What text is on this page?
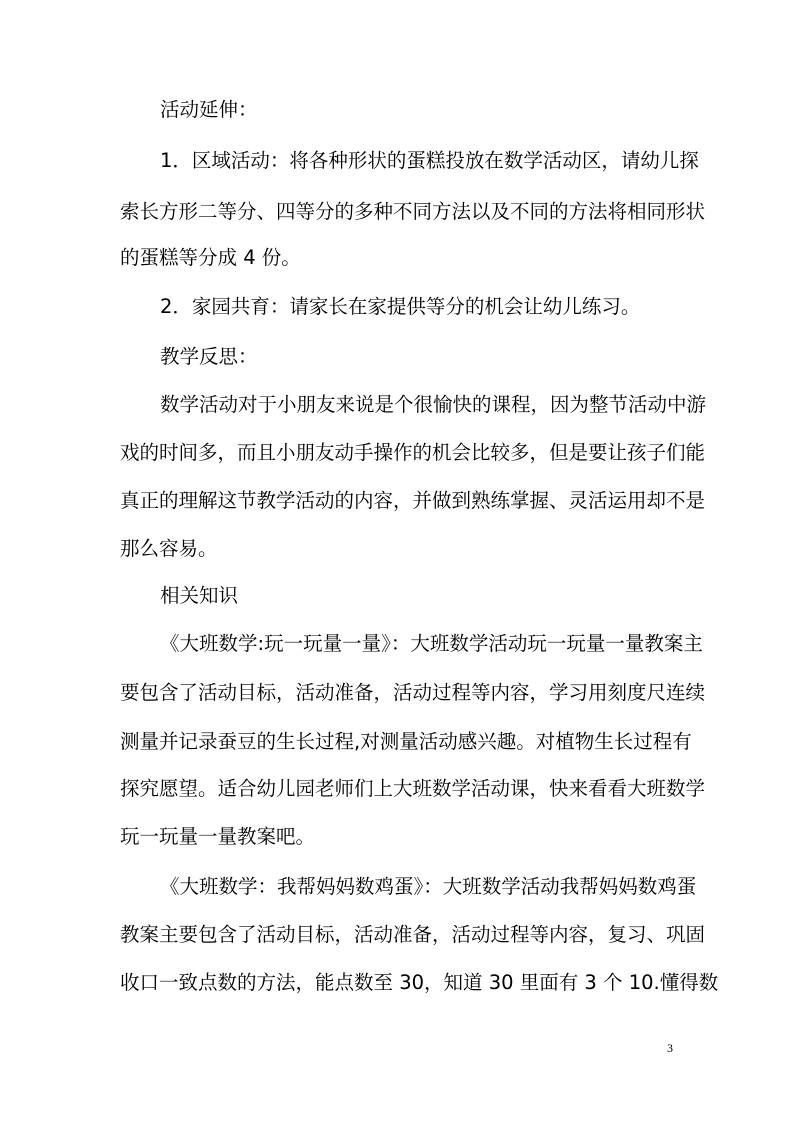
活动延伸：
1．区域活动：将各种形状的蛋糕投放在数学活动区，请幼儿探
索长方形二等分、四等分的多种不同方法以及不同的方法将相同形状
的蛋糕等分成 4 份。
2．家园共育：请家长在家提供等分的机会让幼儿练习。
教学反思：
数学活动对于小朋友来说是个很愉快的课程，因为整节活动中游
戏的时间多，而且小朋友动手操作的机会比较多，但是要让孩子们能
真正的理解这节教学活动的内容，并做到熟练掌握、灵活运用却不是
那么容易。
相关知识
《大班数学:玩一玩量一量》：大班数学活动玩一玩量一量教案主
要包含了活动目标，活动准备，活动过程等内容，学习用刻度尺连续
测量并记录蚕豆的生长过程,对测量活动感兴趣。对植物生长过程有
探究愿望。适合幼儿园老师们上大班数学活动课，快来看看大班数学
玩一玩量一量教案吧。
《大班数学：我帮妈妈数鸡蛋》：大班数学活动我帮妈妈数鸡蛋
教案主要包含了活动目标，活动准备，活动过程等内容，复习、巩固
收口一致点数的方法，能点数至 30，知道 30 里面有 3 个 10.懂得数
3
